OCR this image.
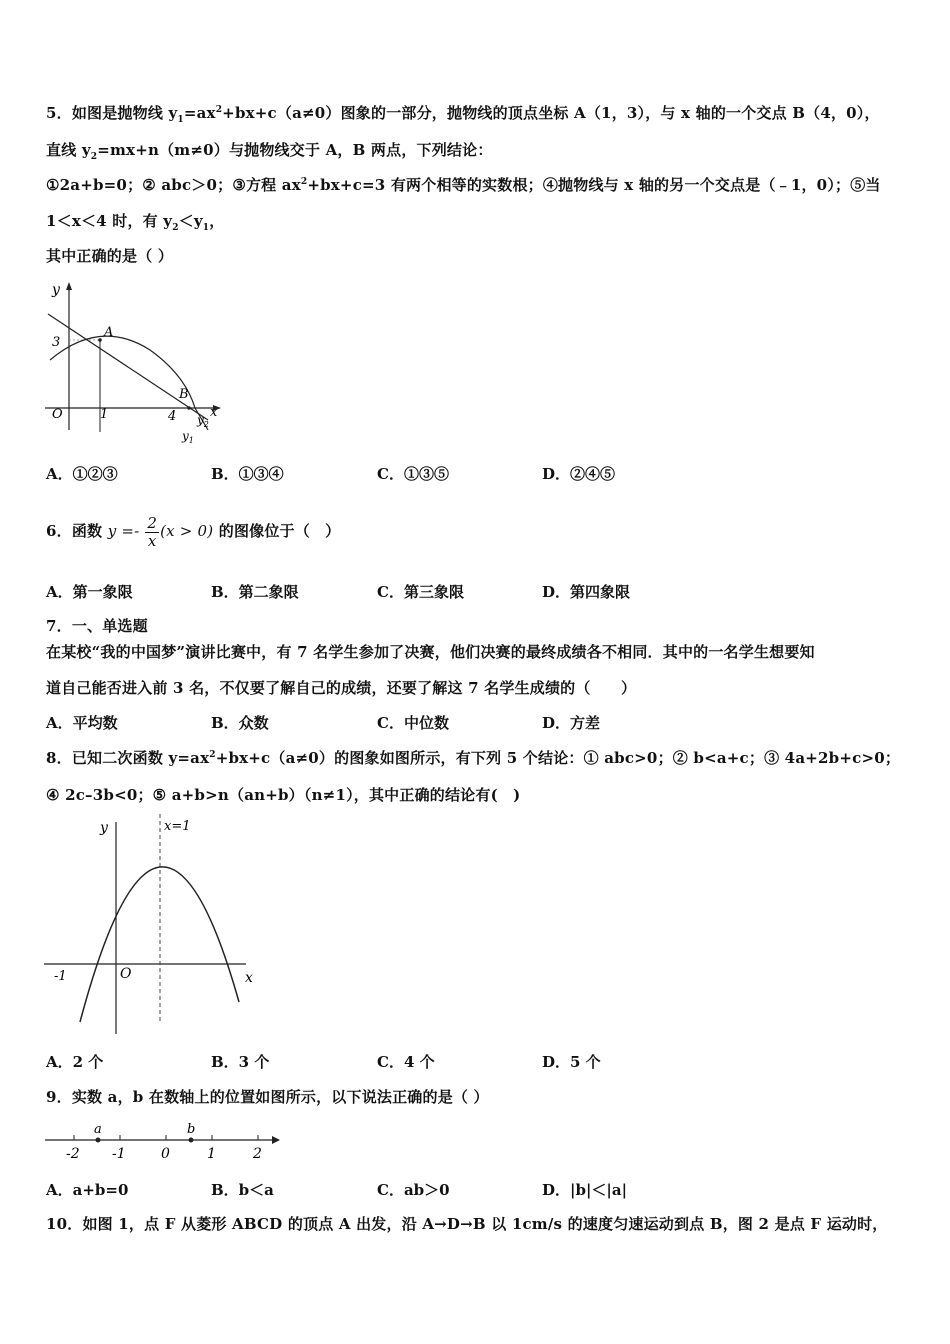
5．如图是抛物线 $y_1=ax^2+bx+c(a\ne 0)$图象的一部分，抛物线的顶点坐标 A（1，3），与 x 轴的一个交点 B（4，0），
直线 $y_2=mx+n(m\ne 0)$与抛物线交于 A，B 两点，下列结论：
①2a+b=0；② abc＞0；③方程 $ax^2+bx+c=3$ 有两个相等的实数根；④抛物线与 x 轴的另一个交点是（﹣1，0）；⑤当
1＜x＜4 时，有 $y_2<y_1$，
其中正确的是（ ）
y
3
A
B
O	1	4	x
$y_2$
$y_1$
A．①②③	B．①③④	C．①③⑤	D．②④⑤
6．函数 $y =- \frac{2}{x} (x > 0)$ 的图像位于（　）
A．第一象限	B．第二象限	C．第三象限	D．第四象限
7．一、单选题
在某校“我的中国梦”演讲比赛中，有 7 名学生参加了决赛，他们决赛的最终成绩各不相同．其中的一名学生想要知
道自己能否进入前 3 名，不仅要了解自己的成绩，还要了解这 7 名学生成绩的（　　）
A．平均数	B．众数	C．中位数	D．方差
8．已知二次函数 $y=ax^2+bx+c(a\ne 0)$的图象如图所示，有下列 5 个结论：① abc>0；② b<a+c；③ 4a+2b+c>0；
④ 2c–3b<0；⑤ a+b>n（an+b）（n≠1），其中正确的结论有(　)
y	x=1
O
-1	x
A．2 个	B．3 个	C．4 个	D．5 个
9．实数 a，b 在数轴上的位置如图所示，以下说法正确的是（ ）
a	b
-2 -1	0	1	2
A．a+b=0	B．b＜a	C．ab＞0	D．|b|＜|a|
10．如图 1，点 F 从菱形 ABCD 的顶点 A 出发，沿 A→D→B 以 1cm/s 的速度匀速运动到点 B，图 2 是点 F 运动时，
